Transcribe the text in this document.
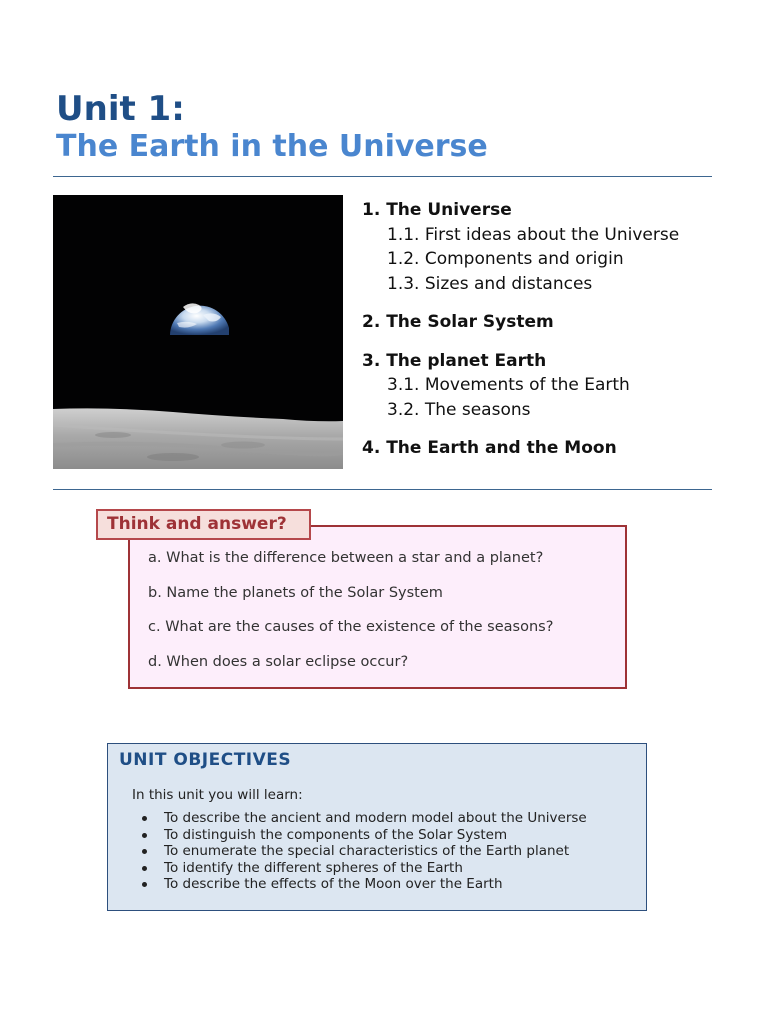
Unit 1:
The Earth in the Universe
1. The Universe
1.1. First ideas about the Universe
1.2. Components and origin
1.3. Sizes and distances
2. The Solar System
3. The planet Earth
3.1. Movements of the Earth
3.2. The seasons
4. The Earth and the Moon
Think and answer?
a. What is the difference between a star and a planet?
b. Name the planets of the Solar System
c. What are the causes of the existence of the seasons?
d. When does a solar eclipse occur?
UNIT OBJECTIVES
In this unit you will learn:
To describe the ancient and modern model about the Universe
To distinguish the components of the Solar System
To enumerate the special characteristics of the Earth planet
To identify the different spheres of the Earth
To describe the effects of the Moon over the Earth
